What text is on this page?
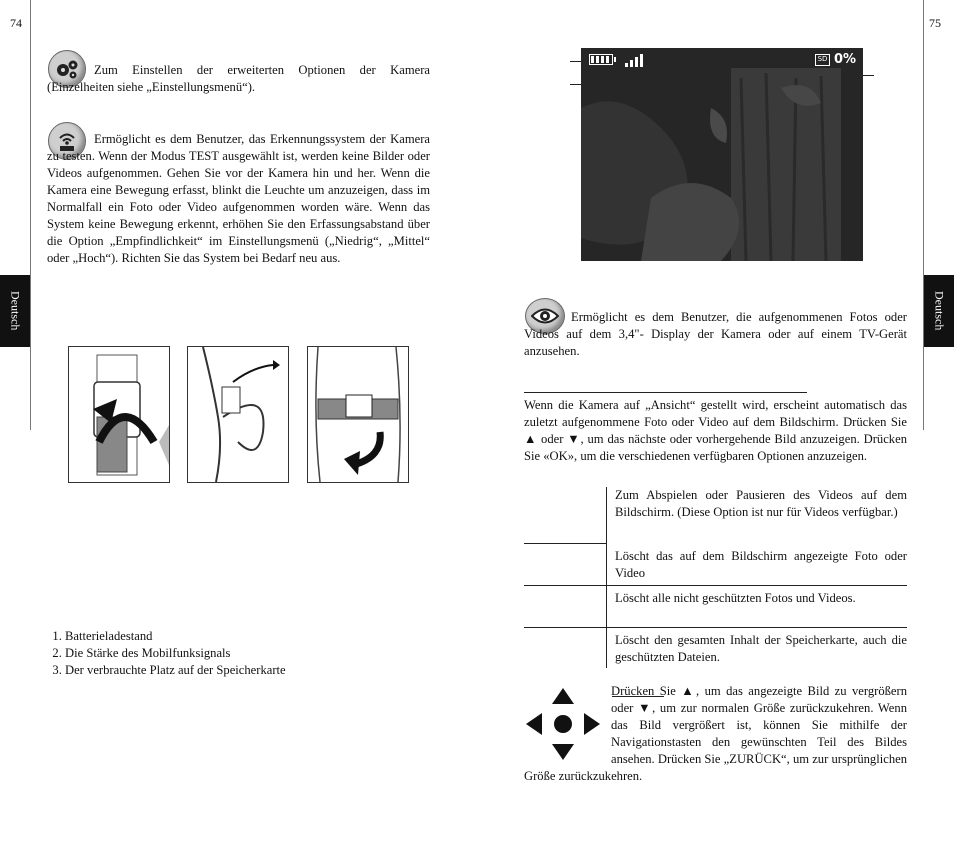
74
Deutsch
Zum Einstellen der erweiterten Optionen der Kamera (Einzelheiten siehe „Einstellungsmenü“).
Ermöglicht es dem Benutzer, das Erkennungssystem der Kamera zu testen. Wenn der Modus TEST ausgewählt ist, werden keine Bilder oder Videos aufgenommen. Gehen Sie vor der Kamera hin und her. Wenn die Kamera eine Bewegung erfasst, blinkt die Leuchte um anzuzeigen, dass im Normalfall ein Foto oder Video aufgenommen worden wäre. Wenn das System keine Bewegung erkennt, erhöhen Sie den Erfassungsabstand über die Option „Empfindlichkeit“ im Einstellungsmenü („Niedrig“, „Mittel“ oder „Hoch“). Richten Sie das System bei Bedarf neu aus.
1. Batterieladestand
2. Die Stärke des Mobilfunksignals
3. Der verbrauchte Platz auf der Speicherkarte
75
Deutsch
SD 0%
Ermöglicht es dem Benutzer, die aufgenommenen Fotos oder Videos auf dem 3,4"- Display der Kamera oder auf einem TV-Gerät anzusehen.
Wenn die Kamera auf „Ansicht“ gestellt wird, erscheint automatisch das zuletzt aufgenommene Foto oder Video auf dem Bildschirm. Drücken Sie ▲ oder ▼, um das nächste oder vorhergehende Bild anzuzeigen. Drücken Sie «OK», um die verschiedenen verfügbaren Optionen anzuzeigen.
	Zum Abspielen oder Pausieren des Videos auf dem Bildschirm. (Diese Option ist nur für Videos verfügbar.)
	Löscht das auf dem Bildschirm angezeigte Foto oder Video
	Löscht alle nicht geschützten Fotos und Videos.
	Löscht den gesamten Inhalt der Speicherkarte, auch die geschützten Dateien.
Drücken Sie ▲, um das angezeigte Bild zu vergrößern oder ▼, um zur normalen Größe zurückzukehren. Wenn das Bild vergrößert ist, können Sie mithilfe der Navigationstasten den gewünschten Teil des Bildes ansehen. Drücken Sie „ZURÜCK“, um zur ursprünglichen Größe zurückzukehren.
